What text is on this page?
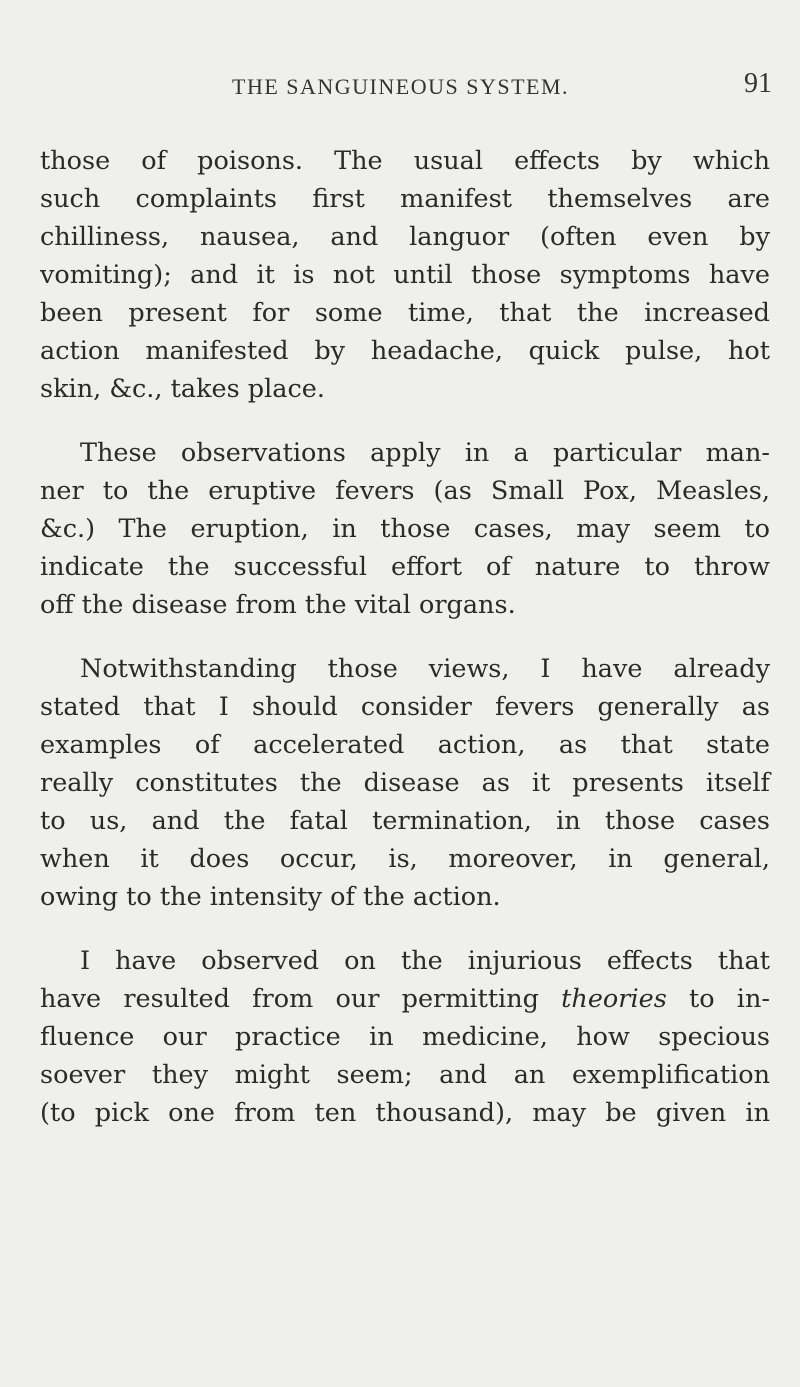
THE SANGUINEOUS SYSTEM.	91
those of poisons. The usual effects by which
such complaints first manifest themselves are
chilliness, nausea, and languor (often even by
vomiting); and it is not until those symptoms have
been present for some time, that the increased
action manifested by headache, quick pulse, hot
skin, &c., takes place.
These observations apply in a particular man-
ner to the eruptive fevers (as Small Pox, Measles,
&c.) The eruption, in those cases, may seem to
indicate the successful effort of nature to throw
off the disease from the vital organs.
Notwithstanding those views, I have already
stated that I should consider fevers generally as
examples of accelerated action, as that state
really constitutes the disease as it presents itself
to us, and the fatal termination, in those cases
when it does occur, is, moreover, in general,
owing to the intensity of the action.
I have observed on the injurious effects that
have resulted from our permitting theories to in-
fluence our practice in medicine, how specious
soever they might seem; and an exemplification
(to pick one from ten thousand), may be given in
